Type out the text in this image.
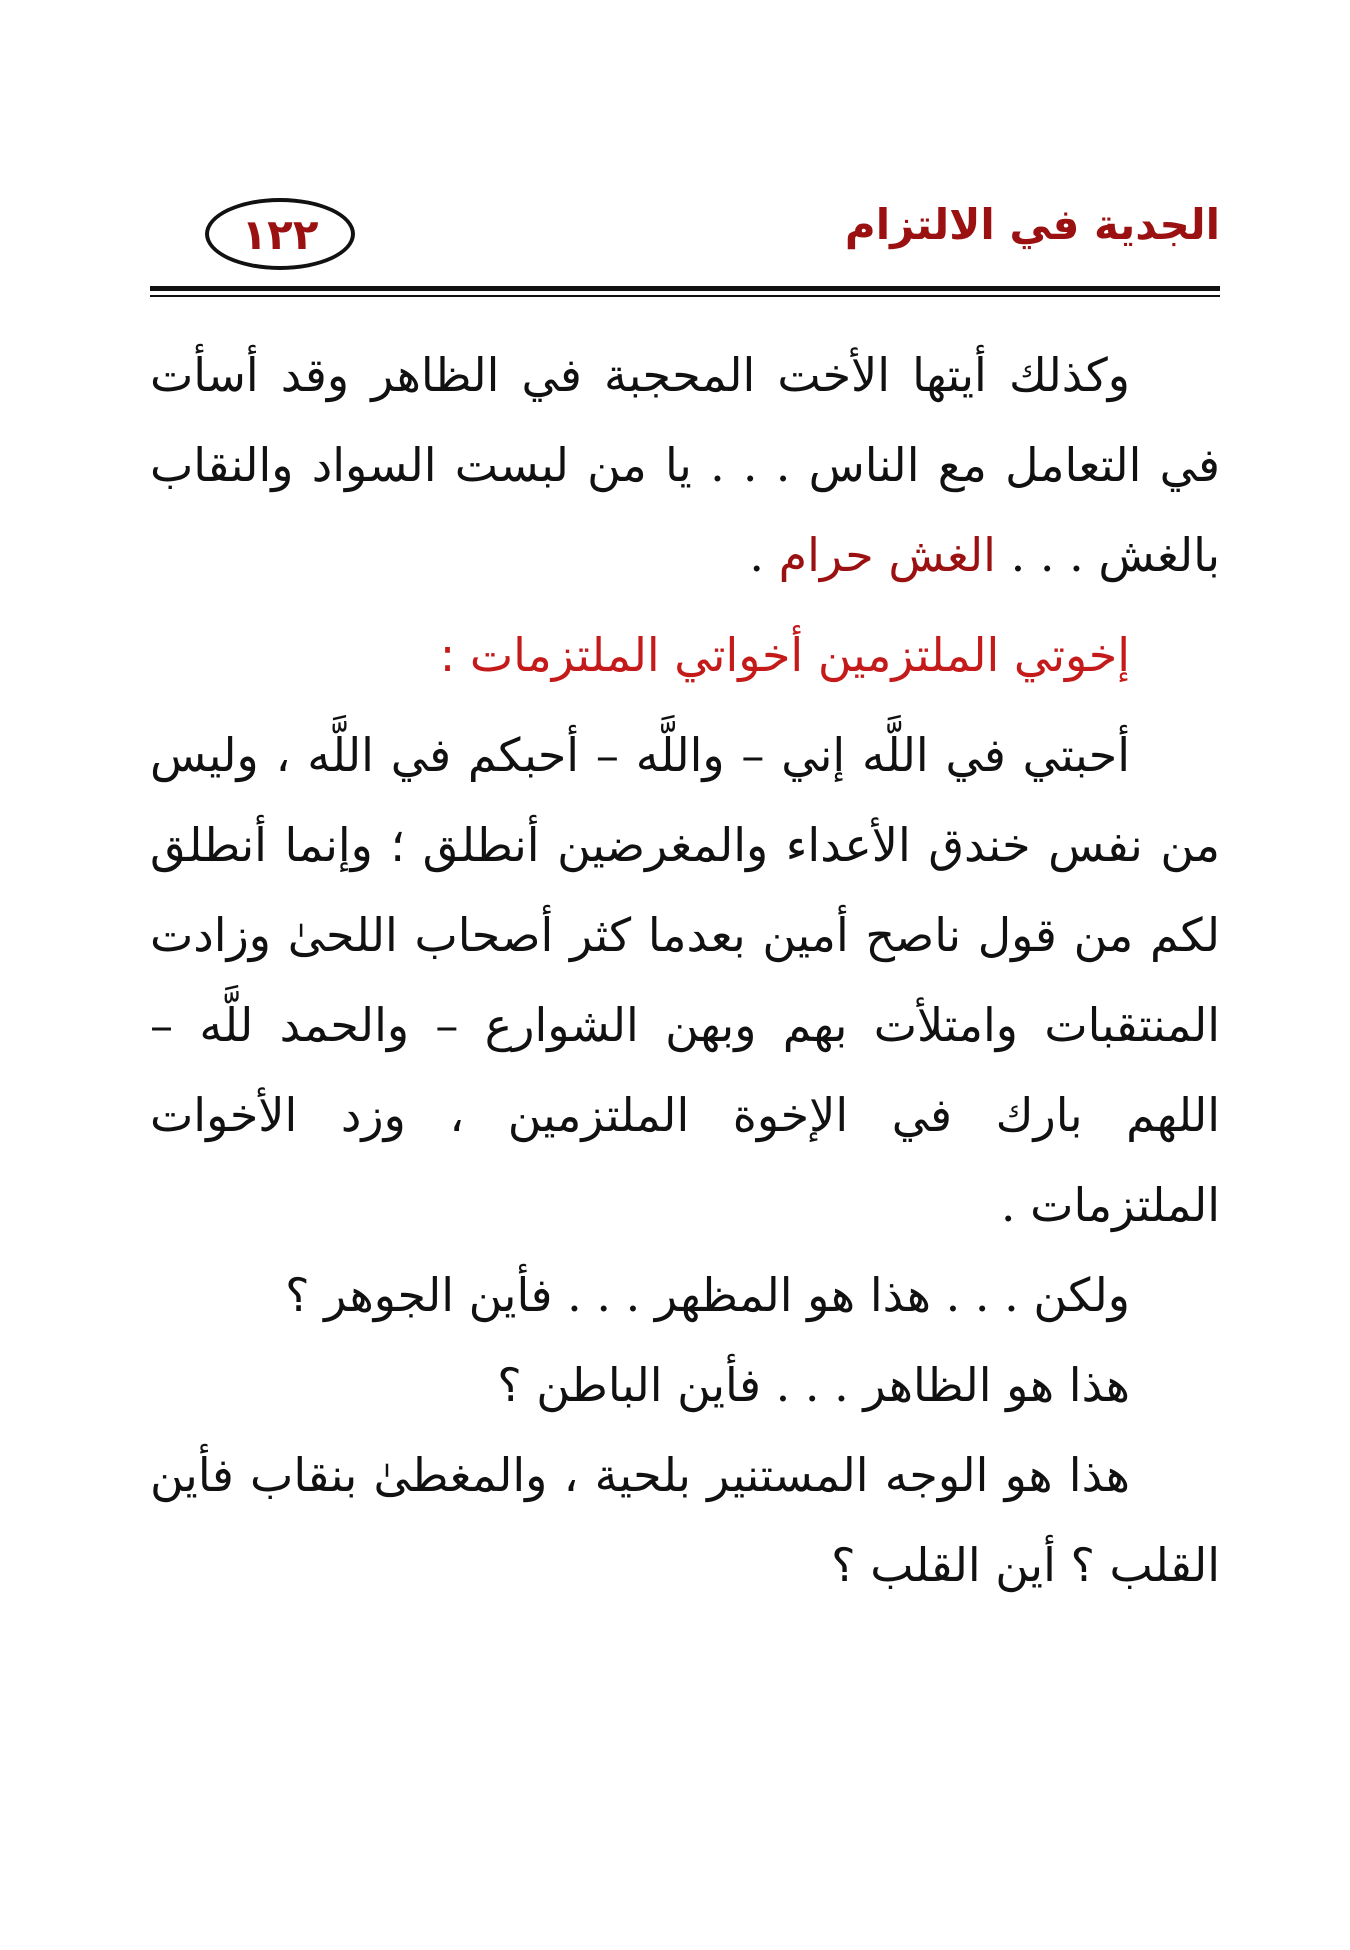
١٢٢	الجدية في الالتزام

وكذلك أيتها الأخت المحجبة في الظاهر وقد أسأت في التعامل مع الناس . . . يا من لبست السواد والنقاب بالغش . . . الغش حرام .

إخوتي الملتزمين أخواتي الملتزمات :

أحبتي في اللَّه إني – واللَّه – أحبكم في اللَّه ، وليس من نفس خندق الأعداء والمغرضين أنطلق ؛ وإنما أنطلق لكم من قول ناصح أمين بعدما كثر أصحاب اللحىٰ وزادت المنتقبات وامتلأت بهم وبهن الشوارع – والحمد للَّه – اللهم بارك في الإخوة الملتزمين ، وزد الأخوات الملتزمات .

ولكن . . . هذا هو المظهر . . . فأين الجوهر ؟

هذا هو الظاهر . . . فأين الباطن ؟

هذا هو الوجه المستنير بلحية ، والمغطىٰ بنقاب فأين القلب ؟ أين القلب ؟
